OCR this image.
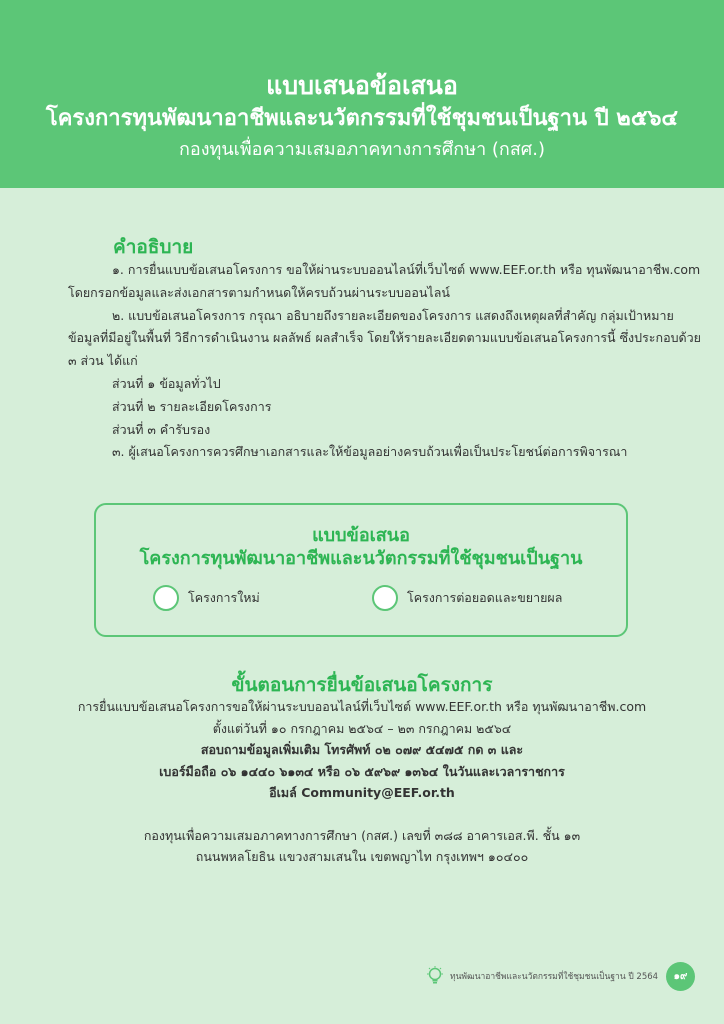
แบบเสนอข้อเสนอ
โครงการทุนพัฒนาอาชีพและนวัตกรรมที่ใช้ชุมชนเป็นฐาน ปี ๒๕๖๔
กองทุนเพื่อความเสมอภาคทางการศึกษา (กสศ.)
คำอธิบาย
๑. การยื่นแบบข้อเสนอโครงการ ขอให้ผ่านระบบออนไลน์ที่เว็บไซต์ www.EEF.or.th หรือ ทุนพัฒนาอาชีพ.com
โดยกรอกข้อมูลและส่งเอกสารตามกำหนดให้ครบถ้วนผ่านระบบออนไลน์
๒. แบบข้อเสนอโครงการ กรุณา อธิบายถึงรายละเอียดของโครงการ แสดงถึงเหตุผลที่สำคัญ กลุ่มเป้าหมาย
ข้อมูลที่มีอยู่ในพื้นที่ วิธีการดำเนินงาน ผลลัพธ์ ผลสำเร็จ โดยให้รายละเอียดตามแบบข้อเสนอโครงการนี้ ซึ่งประกอบด้วย
๓ ส่วน ได้แก่
ส่วนที่ ๑ ข้อมูลทั่วไป
ส่วนที่ ๒ รายละเอียดโครงการ
ส่วนที่ ๓ คำรับรอง
๓. ผู้เสนอโครงการควรศึกษาเอกสารและให้ข้อมูลอย่างครบถ้วนเพื่อเป็นประโยชน์ต่อการพิจารณา
แบบข้อเสนอ
โครงการทุนพัฒนาอาชีพและนวัตกรรมที่ใช้ชุมชนเป็นฐาน
โครงการใหม่	โครงการต่อยอดและขยายผล
ขั้นตอนการยื่นข้อเสนอโครงการ
การยื่นแบบข้อเสนอโครงการขอให้ผ่านระบบออนไลน์ที่เว็บไซต์ www.EEF.or.th หรือ ทุนพัฒนาอาชีพ.com
ตั้งแต่วันที่ ๑๐ กรกฎาคม ๒๕๖๔ – ๒๓ กรกฎาคม ๒๕๖๔
สอบถามข้อมูลเพิ่มเติม โทรศัพท์ ๐๒ ๐๗๙ ๕๔๗๕ กด ๓ และ
เบอร์มือถือ ๐๖ ๑๔๔๐ ๖๑๓๔ หรือ ๐๖ ๕๙๖๙ ๑๓๖๔ ในวันและเวลาราชการ
อีเมล์ Community@EEF.or.th
กองทุนเพื่อความเสมอภาคทางการศึกษา (กสศ.) เลขที่ ๓๘๘ อาคารเอส.พี. ชั้น ๑๓
ถนนพหลโยธิน แขวงสามเสนใน เขตพญาไท กรุงเทพฯ ๑๐๔๐๐
ทุนพัฒนาอาชีพและนวัตกรรมที่ใช้ชุมชนเป็นฐาน ปี 2564	๑๙
